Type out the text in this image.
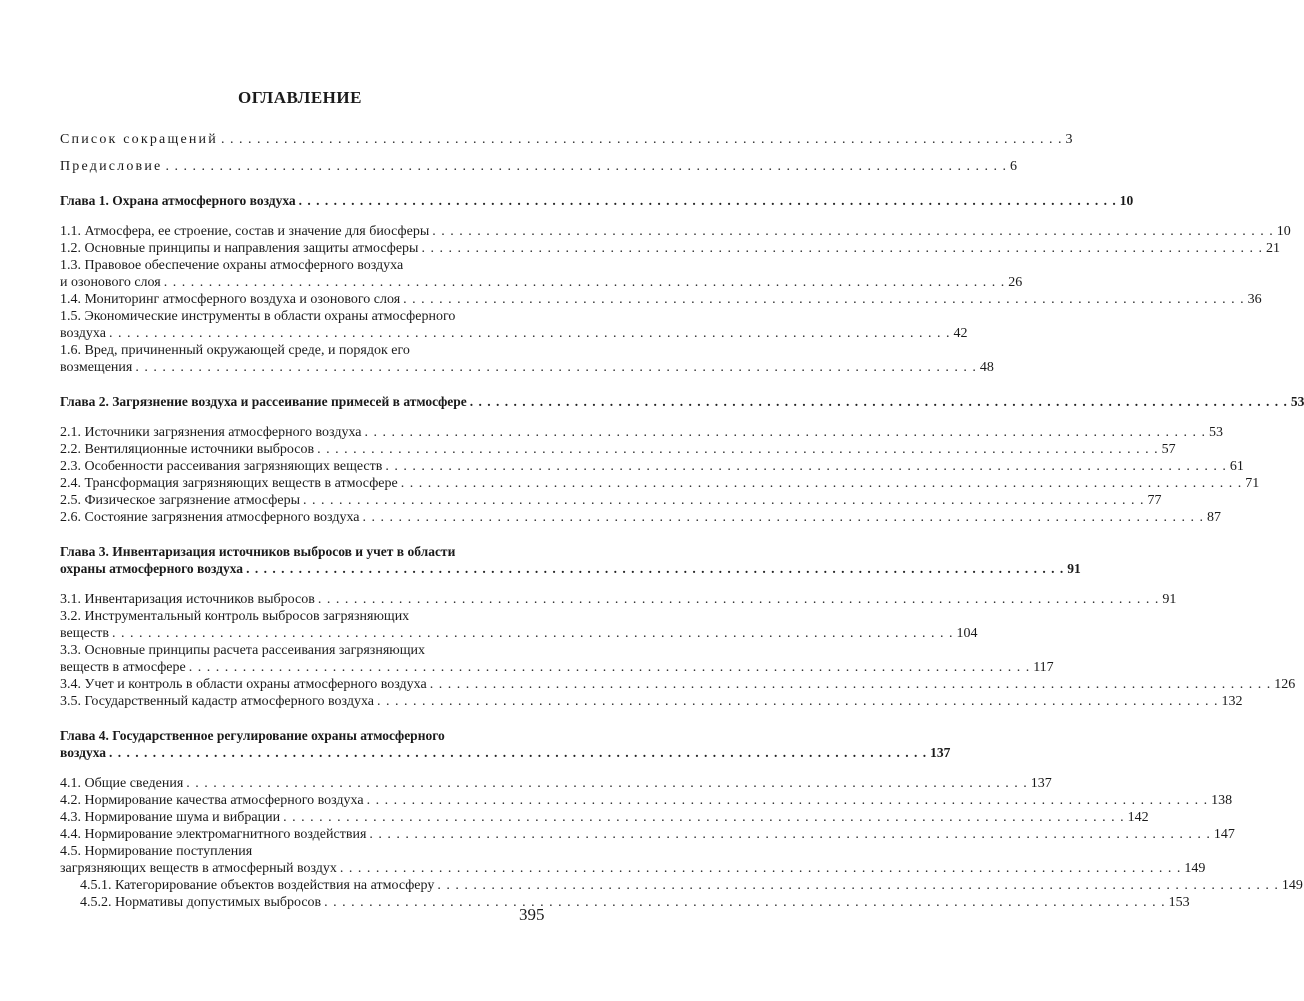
ОГЛАВЛЕНИЕ
Список сокращений . . .	3
Предисловие . . .	6
Глава 1. Охрана атмосферного воздуха . . .	10
1.1. Атмосфера, ее строение, состав и значение для биосферы . . .	10
1.2. Основные принципы и направления защиты атмосферы . . .	21
1.3. Правовое обеспечение охраны атмосферного воздуха
и озонового слоя . . .	26
1.4. Мониторинг атмосферного воздуха и озонового слоя . . .	36
1.5. Экономические инструменты в области охраны атмосферного
воздуха . . .	42
1.6. Вред, причиненный окружающей среде, и порядок его
возмещения . . .	48
Глава 2. Загрязнение воздуха и рассеивание примесей в атмосфере . . .	53
2.1. Источники загрязнения атмосферного воздуха . . .	53
2.2. Вентиляционные источники выбросов . . .	57
2.3. Особенности рассеивания загрязняющих веществ . . .	61
2.4. Трансформация загрязняющих веществ в атмосфере . . .	71
2.5. Физическое загрязнение атмосферы . . .	77
2.6. Состояние загрязнения атмосферного воздуха . . .	87
Глава 3. Инвентаризация источников выбросов и учет в области
охраны атмосферного воздуха . . .	91
3.1. Инвентаризация источников выбросов . . .	91
3.2. Инструментальный контроль выбросов загрязняющих
веществ . . .	104
3.3. Основные принципы расчета рассеивания загрязняющих
веществ в атмосфере . . .	117
3.4. Учет и контроль в области охраны атмосферного воздуха . . .	126
3.5. Государственный кадастр атмосферного воздуха . . .	132
Глава 4. Государственное регулирование охраны атмосферного
воздуха . . .	137
4.1. Общие сведения . . .	137
4.2. Нормирование качества атмосферного воздуха . . .	138
4.3. Нормирование шума и вибрации . . .	142
4.4. Нормирование электромагнитного воздействия . . .	147
4.5. Нормирование поступления
загрязняющих веществ в атмосферный воздух . . .	149
4.5.1. Категорирование объектов воздействия на атмосферу . . .	149
4.5.2. Нормативы допустимых выбросов . . .	153
395
